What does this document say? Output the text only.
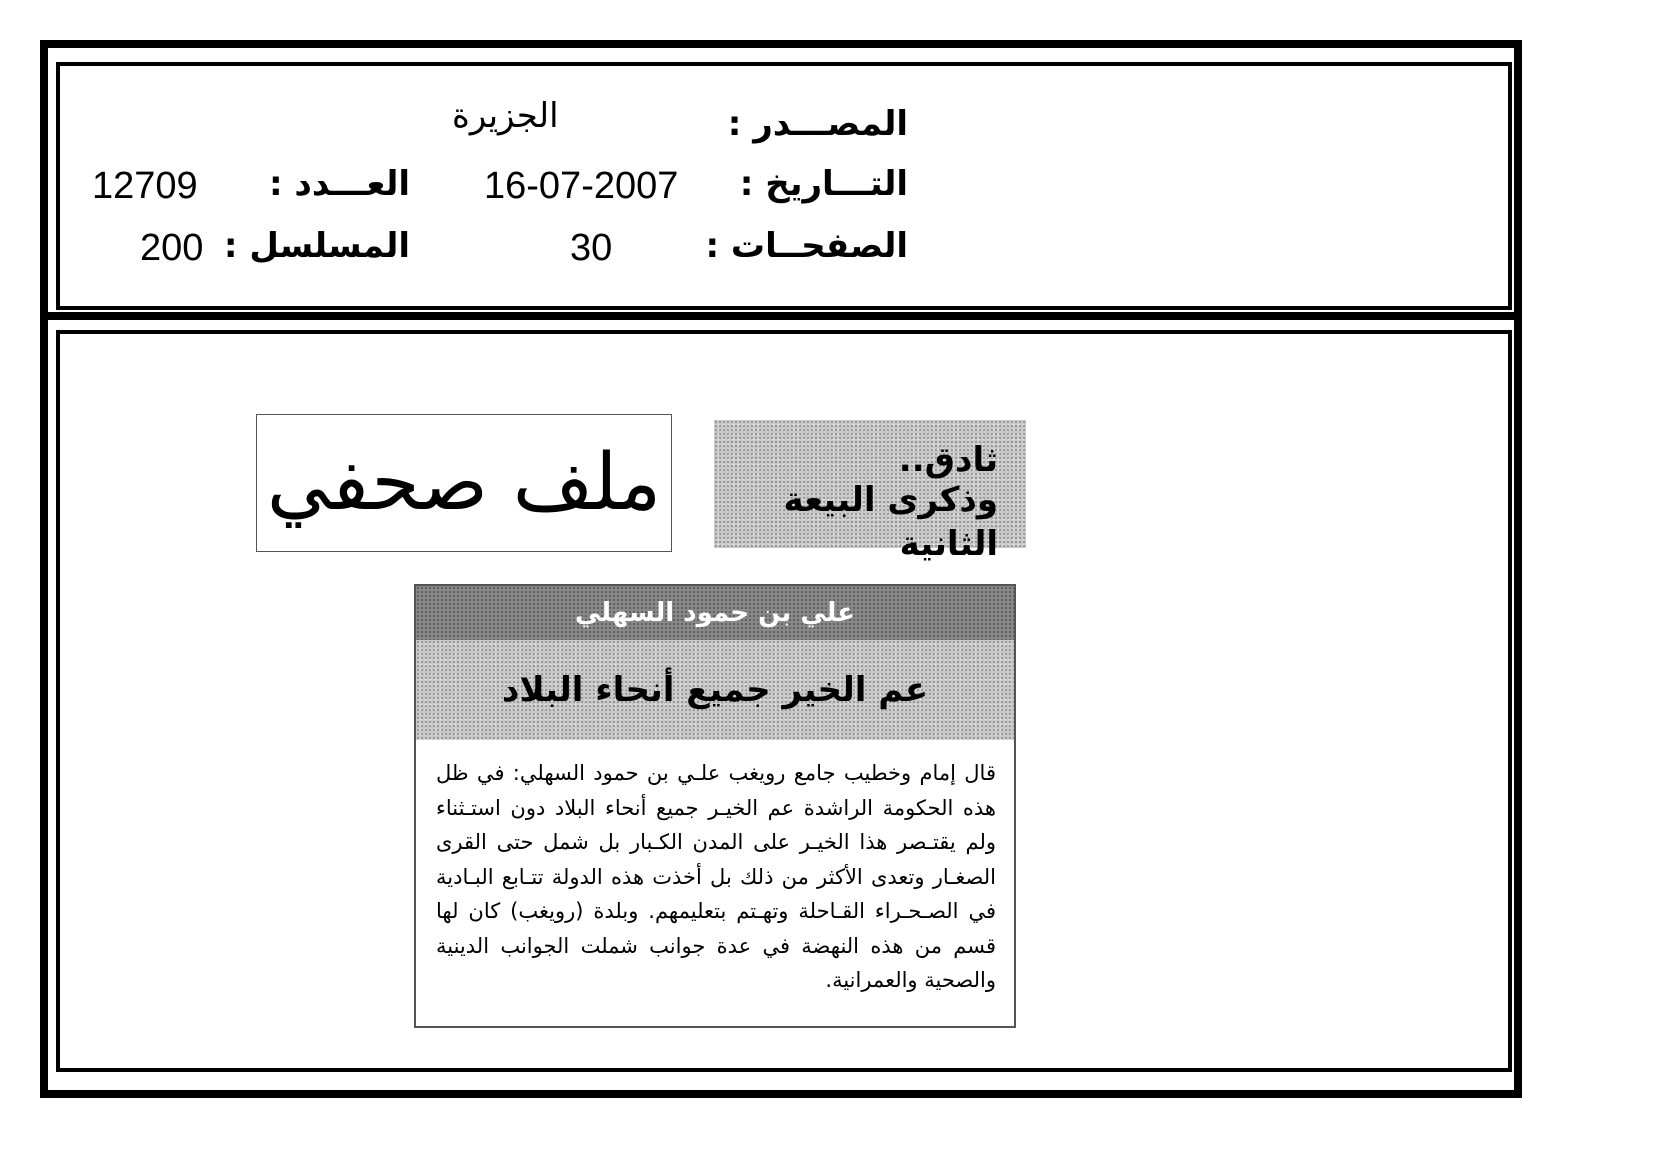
المصـــدر :
الجزيرة
التـــاريخ :
16-07-2007
العـــدد :
12709
الصفحــات :
30
المسلسل :
200
ملف صحفي	ثادق..
وذكرى البيعة الثانية
علي بن حمود السهلي
عم الخير جميع أنحاء البلاد
قال إمام وخطيب جامع رويغب علـي بن حمود السهلي: في ظل هذه الحكومة الراشدة عم الخيـر جميع أنحاء البلاد دون استـثناء ولم يقتـصر هذا الخيـر على المدن الكـبار بل شمل حتى القرى الصغـار وتعدى الأكثر من ذلك بل أخذت هذه الدولة تتـابع البـادية في الصـحـراء القـاحلة وتهـتم بتعليمهم. وبلدة (رويغب) كان لها قسم من هذه النهضة في عدة جوانب شملت الجوانب الدينية والصحية والعمرانية.
